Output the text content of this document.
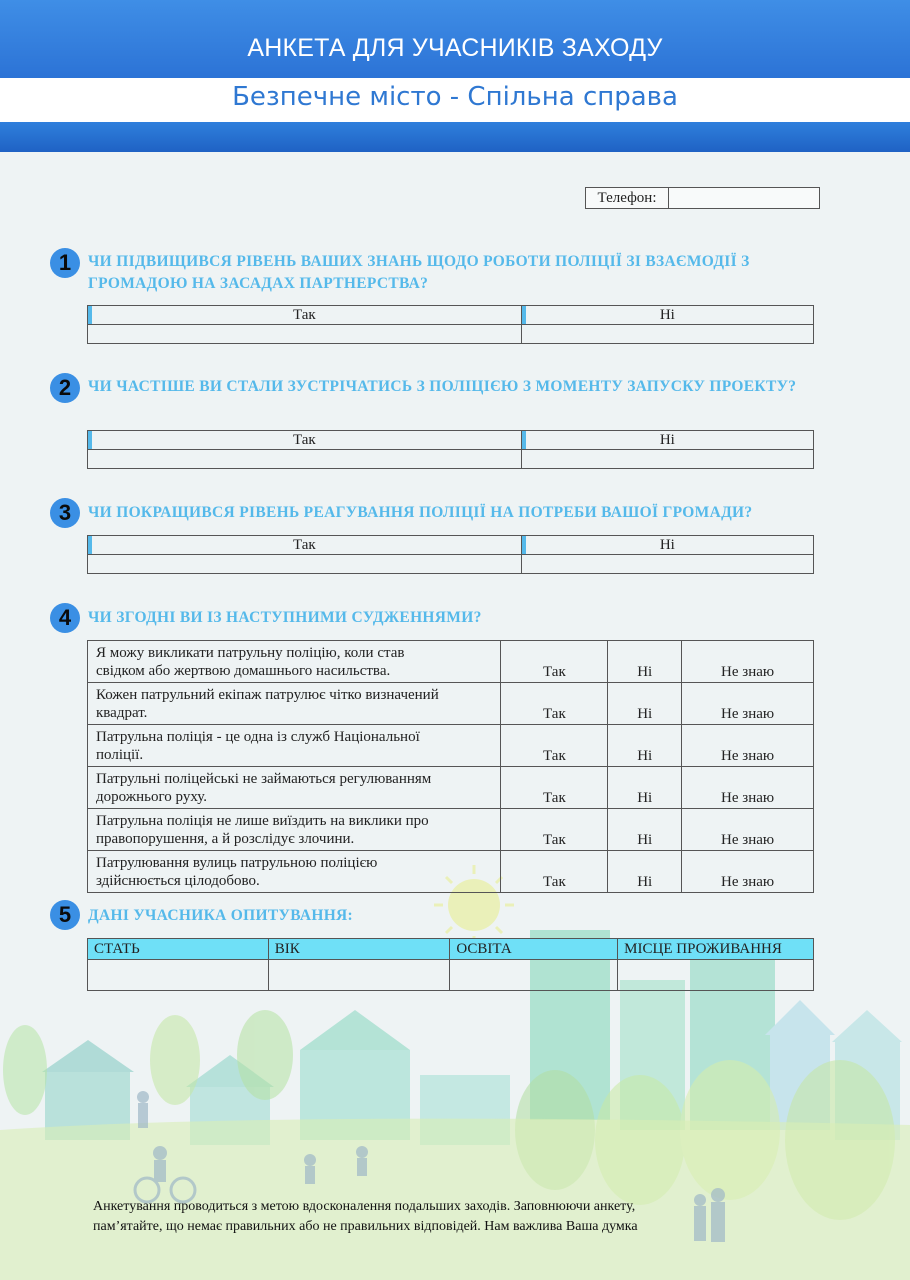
АНКЕТА ДЛЯ УЧАСНИКІВ ЗАХОДУ
Безпечне місто - Спільна справа
Телефон:
1	ЧИ ПІДВИЩИВСЯ РІВЕНЬ ВАШИХ ЗНАНЬ ЩОДО РОБОТИ ПОЛІЦІЇ ЗІ ВЗАЄМОДІЇ З ГРОМАДОЮ НА ЗАСАДАХ ПАРТНЕРСТВА?
Так	Ні

2	ЧИ ЧАСТІШЕ ВИ СТАЛИ ЗУСТРІЧАТИСЬ З ПОЛІЦІЄЮ З МОМЕНТУ ЗАПУСКУ ПРОЕКТУ?
Так	Ні

3	ЧИ ПОКРАЩИВСЯ РІВЕНЬ РЕАГУВАННЯ ПОЛІЦІЇ НА ПОТРЕБИ ВАШОЇ ГРОМАДИ?
Так	Ні

4	ЧИ ЗГОДНІ ВИ ІЗ НАСТУПНИМИ СУДЖЕННЯМИ?
Я можу викликати патрульну поліцію, коли став
свідком або жертвою домашнього насильства.	Так	Ні	Не знаю
Кожен патрульний екіпаж патрулює чітко визначений
квадрат.	Так	Ні	Не знаю
Патрульна поліція - це одна із служб Національної
поліції.	Так	Ні	Не знаю
Патрульні поліцейські не займаються регулюванням
дорожнього руху.	Так	Ні	Не знаю
Патрульна поліція не лише виїздить на виклики про
правопорушення, а й розслідує злочини.	Так	Ні	Не знаю
Патрулювання вулиць патрульною поліцією
здійснюється цілодобово.	Так	Ні	Не знаю
5	ДАНІ УЧАСНИКА ОПИТУВАННЯ:
СТАТЬ	ВІК	ОСВІТА	МІСЦЕ ПРОЖИВАННЯ

Анкетування проводиться з метою вдосконалення подальших заходів. Заповнюючи анкету,
пам’ятайте, що немає правильних або не правильних відповідей. Нам важлива Ваша думка
